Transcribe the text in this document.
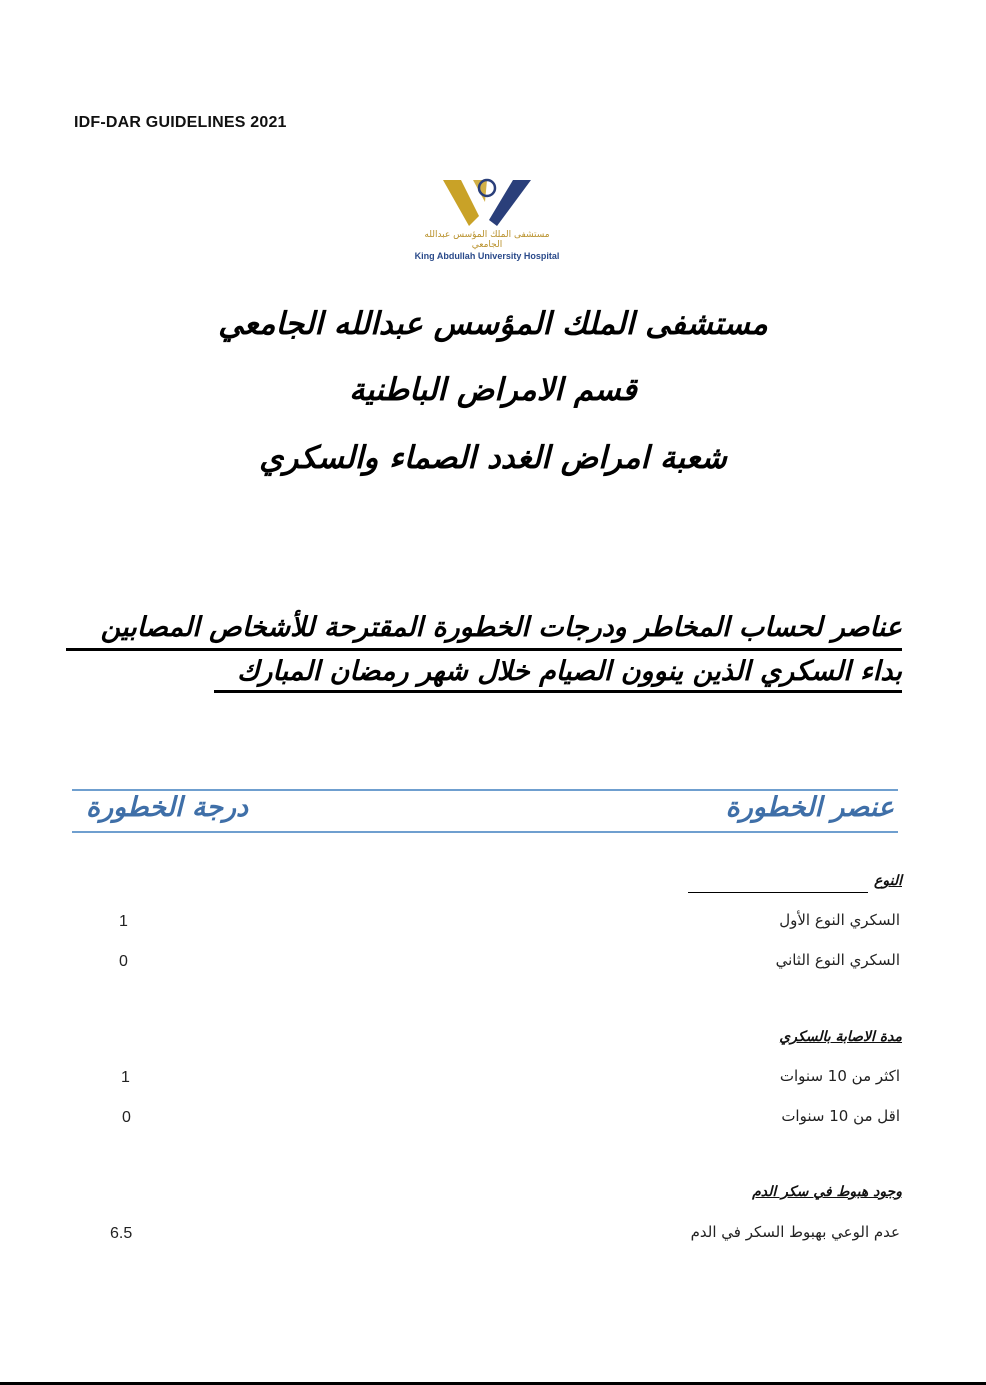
IDF-DAR GUIDELINES 2021
مستشفى الملك المؤسس عبدالله الجامعي
King Abdullah University Hospital
مستشفى الملك المؤسس عبدالله الجامعي
قسم الامراض الباطنية
شعبة امراض الغدد الصماء والسكري
عناصر لحساب المخاطر ودرجات الخطورة المقترحة للأشخاص المصابين
بداء السكري الذين ينوون الصيام خلال شهر رمضان المبارك
عنصر الخطورة
درجة الخطورة
النوع
السكري النوع الأول
1
السكري النوع الثاني
0
مدة الاصابة بالسكري
اكثر من 10 سنوات
1
اقل من 10 سنوات
0
وجود هبوط في سكر الدم
عدم الوعي بهبوط السكر في الدم
6.5
